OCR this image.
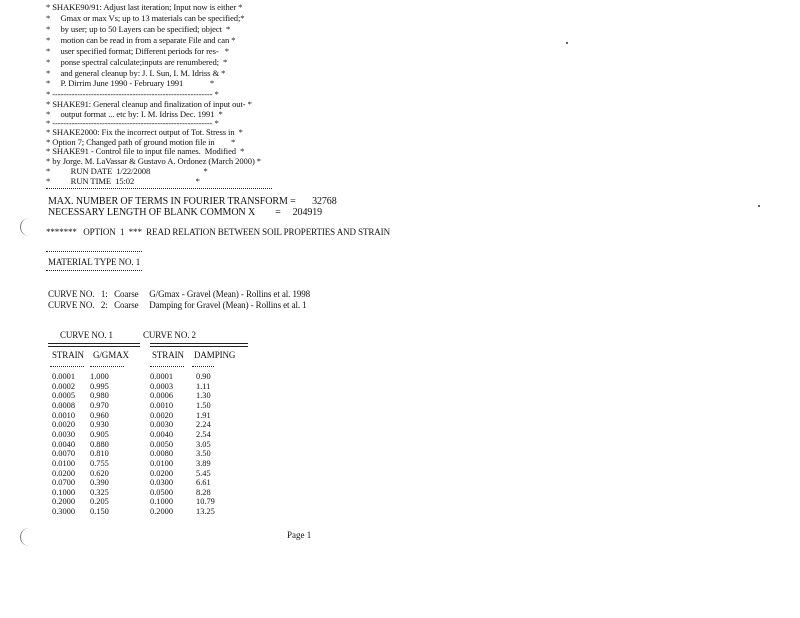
* SHAKE90/91: Adjust last iteration; Input now is either *
*     Gmax or max Vs; up to 13 materials can be specified;*
*     by user; up to 50 Layers can be specified; object  *
*     motion can be read in from a separate File and can *
*     user specified format; Different periods for res-   *
*     ponse spectral calculate;inputs are renumbered;  *
*     and general cleanup by: J. I. Sun, I. M. Idriss & *
*     P. Dirrim June 1990 - February 1991             *
* ---------------------------------------------------------- *
* SHAKE91: General cleanup and finalization of input out- *
*     output format ... etc by: I. M. Idriss Dec. 1991  *
* ---------------------------------------------------------- *
* SHAKE2000: Fix the incorrect output of Tot. Stress in  *
* Option 7; Changed path of ground motion file in        *
* SHAKE91 - Control file to input file names.  Modified  *
* by Jorge. M. LaVassar & Gustavo A. Ordonez (March 2000) *
*          RUN DATE  1/22/2008                          *
*          RUN TIME  15:02                              *
MAX. NUMBER OF TERMS IN FOURIER TRANSFORM = 32768
NECESSARY LENGTH OF BLANK COMMON X = 204919
*******   OPTION  1  ***  READ RELATION BETWEEN SOIL PROPERTIES AND STRAIN
MATERIAL TYPE NO. 1
CURVE NO.   1: Coarse G/Gmax - Gravel (Mean) - Rollins et al. 1998
CURVE NO.   2: Coarse Damping for Gravel (Mean) - Rollins et al. 1
CURVE NO. 1	CURVE NO. 2
STRAIN G/GMAX	STRAIN DAMPING
0.0001 1.000	0.0001	0.90
0.0002 0.995	0.0003	1.11
0.0005 0.980	0.0006	1.30
0.0008 0.970	0.0010	1.50
0.0010 0.960	0.0020	1.91
0.0020 0.930	0.0030	2.24
0.0030 0.905	0.0040	2.54
0.0040 0.880	0.0050	3.05
0.0070 0.810	0.0080	3.50
0.0100 0.755	0.0100	3.89
0.0200 0.620	0.0200	5.45
0.0700 0.390	0.0300	6.61
0.1000 0.325	0.0500	8.28
0.2000 0.205	0.1000	10.79
0.3000 0.150	0.2000	13.25
Page 1
